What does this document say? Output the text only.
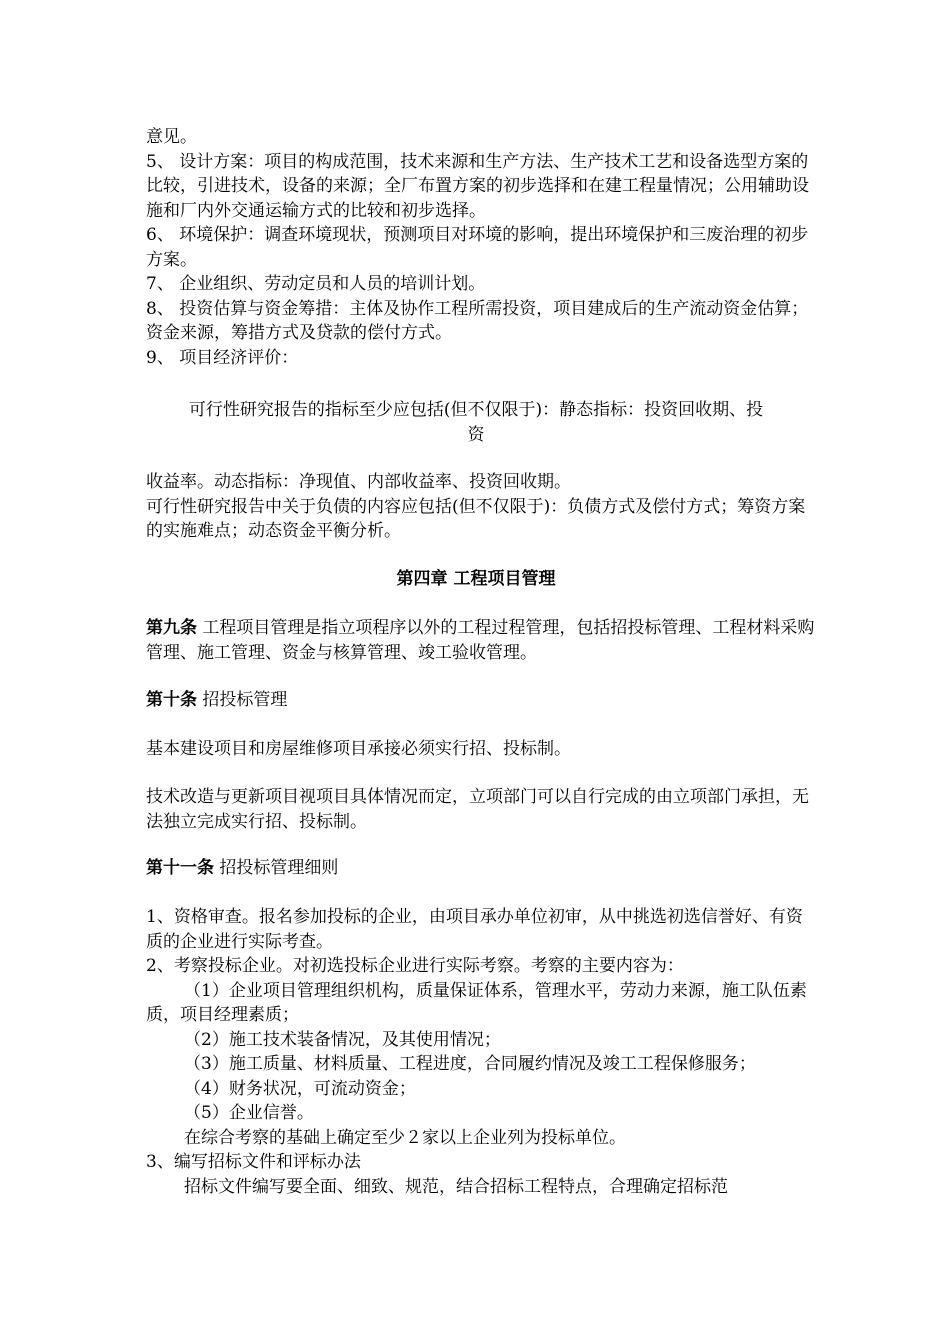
意见。

5、 设计方案：项目的构成范围，技术来源和生产方法、生产技术工艺和设备选型方案的比较，引进技术，设备的来源；全厂布置方案的初步选择和在建工程量情况；公用辅助设施和厂内外交通运输方式的比较和初步选择。

6、 环境保护：调查环境现状，预测项目对环境的影响，提出环境保护和三废治理的初步方案。

7、 企业组织、劳动定员和人员的培训计划。

8、 投资估算与资金筹措：主体及协作工程所需投资，项目建成后的生产流动资金估算；资金来源，筹措方式及贷款的偿付方式。

9、 项目经济评价：

可行性研究报告的指标至少应包括(但不仅限于)：静态指标：投资回收期、投

资

收益率。动态指标：净现值、内部收益率、投资回收期。

可行性研究报告中关于负债的内容应包括(但不仅限于)：负债方式及偿付方式；筹资方案的实施难点；动态资金平衡分析。

第四章 工程项目管理

第九条 工程项目管理是指立项程序以外的工程过程管理，包括招投标管理、工程材料采购管理、施工管理、资金与核算管理、竣工验收管理。

第十条 招投标管理

基本建设项目和房屋维修项目承接必须实行招、投标制。

技术改造与更新项目视项目具体情况而定，立项部门可以自行完成的由立项部门承担，无法独立完成实行招、投标制。

第十一条 招投标管理细则

1、资格审查。报名参加投标的企业，由项目承办单位初审，从中挑选初选信誉好、有资质的企业进行实际考查。

2、考察投标企业。对初选投标企业进行实际考察。考察的主要内容为：

（1）企业项目管理组织机构，质量保证体系，管理水平，劳动力来源，施工队伍素质，项目经理素质；

（2）施工技术装备情况，及其使用情况；

（3）施工质量、材料质量、工程进度，合同履约情况及竣工工程保修服务；

（4）财务状况，可流动资金；

（5）企业信誉。

在综合考察的基础上确定至少２家以上企业列为投标单位。

3、编写招标文件和评标办法

招标文件编写要全面、细致、规范，结合招标工程特点，合理确定招标范
